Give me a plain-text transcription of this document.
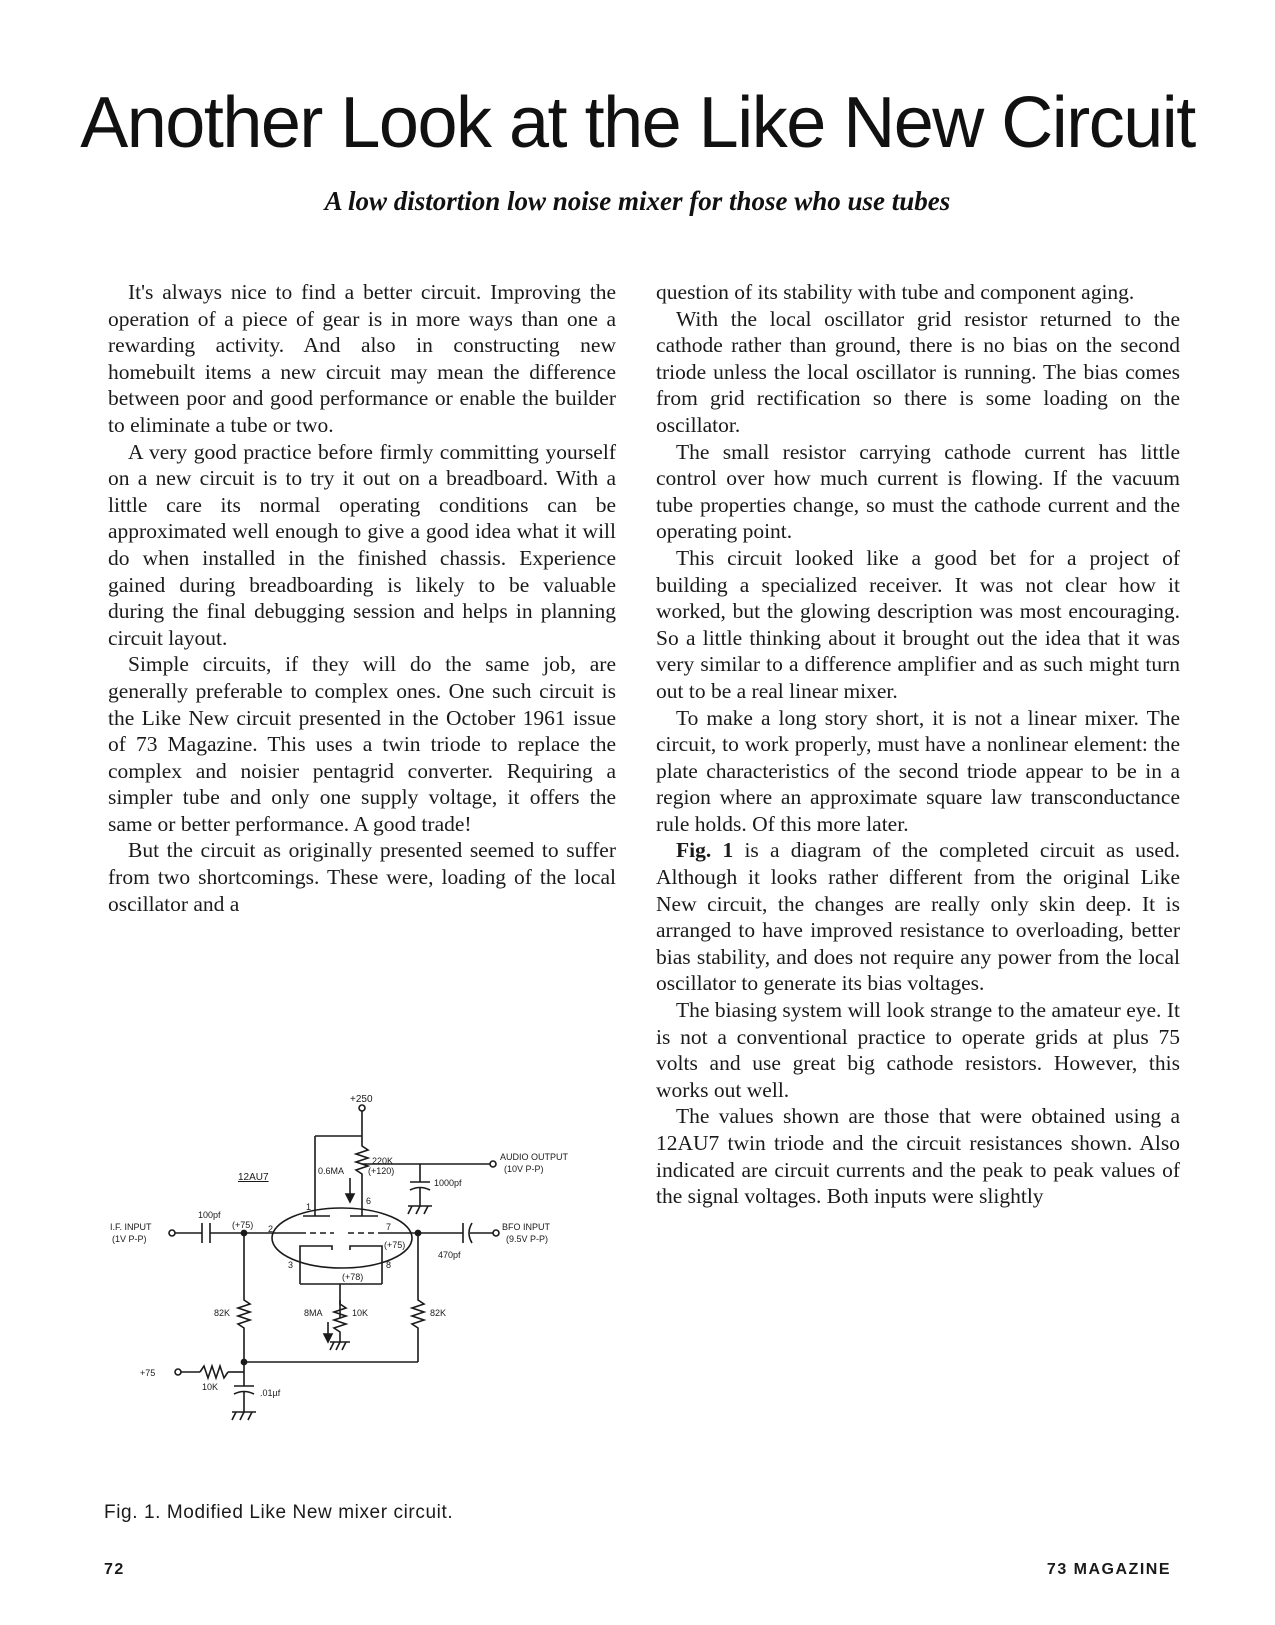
Another Look at the Like New Circuit
A low distortion low noise mixer for those who use tubes

It's always nice to find a better circuit. Improving the operation of a piece of gear is in more ways than one a rewarding activity. And also in constructing new homebuilt items a new circuit may mean the difference between poor and good performance or enable the builder to eliminate a tube or two.

A very good practice before firmly committing yourself on a new circuit is to try it out on a breadboard. With a little care its normal operating conditions can be approximated well enough to give a good idea what it will do when installed in the finished chassis. Experience gained during breadboarding is likely to be valuable during the final debugging session and helps in planning circuit layout.

Simple circuits, if they will do the same job, are generally preferable to complex ones. One such circuit is the Like New circuit presented in the October 1961 issue of 73 Magazine. This uses a twin triode to replace the complex and noisier pentagrid converter. Requiring a simpler tube and only one supply voltage, it offers the same or better performance. A good trade!

But the circuit as originally presented seemed to suffer from two shortcomings. These were, loading of the local oscillator and a

question of its stability with tube and component aging.

With the local oscillator grid resistor returned to the cathode rather than ground, there is no bias on the second triode unless the local oscillator is running. The bias comes from grid rectification so there is some loading on the oscillator.

The small resistor carrying cathode current has little control over how much current is flowing. If the vacuum tube properties change, so must the cathode current and the operating point.

This circuit looked like a good bet for a project of building a specialized receiver. It was not clear how it worked, but the glowing description was most encouraging. So a little thinking about it brought out the idea that it was very similar to a difference amplifier and as such might turn out to be a real linear mixer.

To make a long story short, it is not a linear mixer. The circuit, to work properly, must have a nonlinear element: the plate characteristics of the second triode appear to be in a region where an approximate square law transconductance rule holds. Of this more later.

Fig. 1 is a diagram of the completed circuit as used. Although it looks rather different from the original Like New circuit, the changes are really only skin deep. It is arranged to have improved resistance to overloading, better bias stability, and does not require any power from the local oscillator to generate its bias voltages.

The biasing system will look strange to the amateur eye. It is not a conventional practice to operate grids at plus 75 volts and use great big cathode resistors. However, this works out well.

The values shown are those that were obtained using a 12AU7 twin triode and the circuit resistances shown. Also indicated are circuit currents and the peak to peak values of the signal voltages. Both inputs were slightly

+250
220K
12AU7
0.6MA	(+120)
1000pf
AUDIO OUTPUT
(10V P-P)
100pf
I.F. INPUT
(1V P-P)
(+75) 2
6
1
7
3	8
(+75)
(+78)
470pf
BFO INPUT
(9.5V P-P)
82K	8MA	10K	82K
+75
10K
.01µf
Fig. 1. Modified Like New mixer circuit.
72	73 MAGAZINE
